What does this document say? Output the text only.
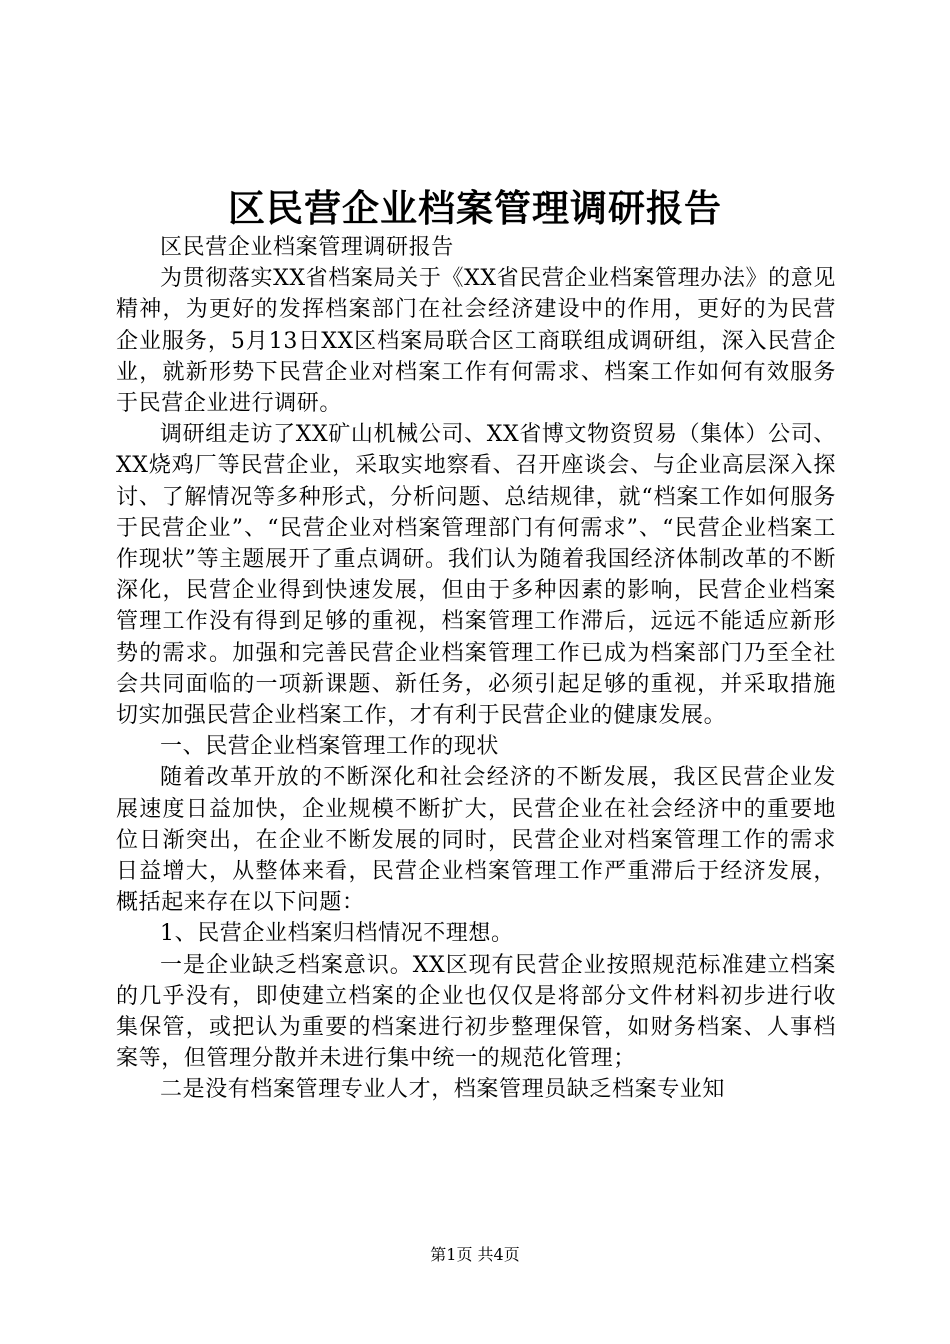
区民营企业档案管理调研报告

区民营企业档案管理调研报告

为贯彻落实XX省档案局关于《XX省民营企业档案管理办法》的意见精神，为更好的发挥档案部门在社会经济建设中的作用，更好的为民营企业服务，5月13日XX区档案局联合区工商联组成调研组，深入民营企业，就新形势下民营企业对档案工作有何需求、档案工作如何有效服务于民营企业进行调研。

调研组走访了XX矿山机械公司、XX省博文物资贸易（集体）公司、XX烧鸡厂等民营企业，采取实地察看、召开座谈会、与企业高层深入探讨、了解情况等多种形式，分析问题、总结规律，就“档案工作如何服务于民营企业”、“民营企业对档案管理部门有何需求”、“民营企业档案工作现状”等主题展开了重点调研。我们认为随着我国经济体制改革的不断深化，民营企业得到快速发展，但由于多种因素的影响，民营企业档案管理工作没有得到足够的重视，档案管理工作滞后，远远不能适应新形势的需求。加强和完善民营企业档案管理工作已成为档案部门乃至全社会共同面临的一项新课题、新任务，必须引起足够的重视，并采取措施切实加强民营企业档案工作，才有利于民营企业的健康发展。

一、民营企业档案管理工作的现状

随着改革开放的不断深化和社会经济的不断发展，我区民营企业发展速度日益加快，企业规模不断扩大，民营企业在社会经济中的重要地位日渐突出，在企业不断发展的同时，民营企业对档案管理工作的需求日益增大，从整体来看，民营企业档案管理工作严重滞后于经济发展，概括起来存在以下问题：

1、民营企业档案归档情况不理想。

一是企业缺乏档案意识。XX区现有民营企业按照规范标准建立档案的几乎没有，即使建立档案的企业也仅仅是将部分文件材料初步进行收集保管，或把认为重要的档案进行初步整理保管，如财务档案、人事档案等，但管理分散并未进行集中统一的规范化管理；

二是没有档案管理专业人才，档案管理员缺乏档案专业知

第1页 共4页
